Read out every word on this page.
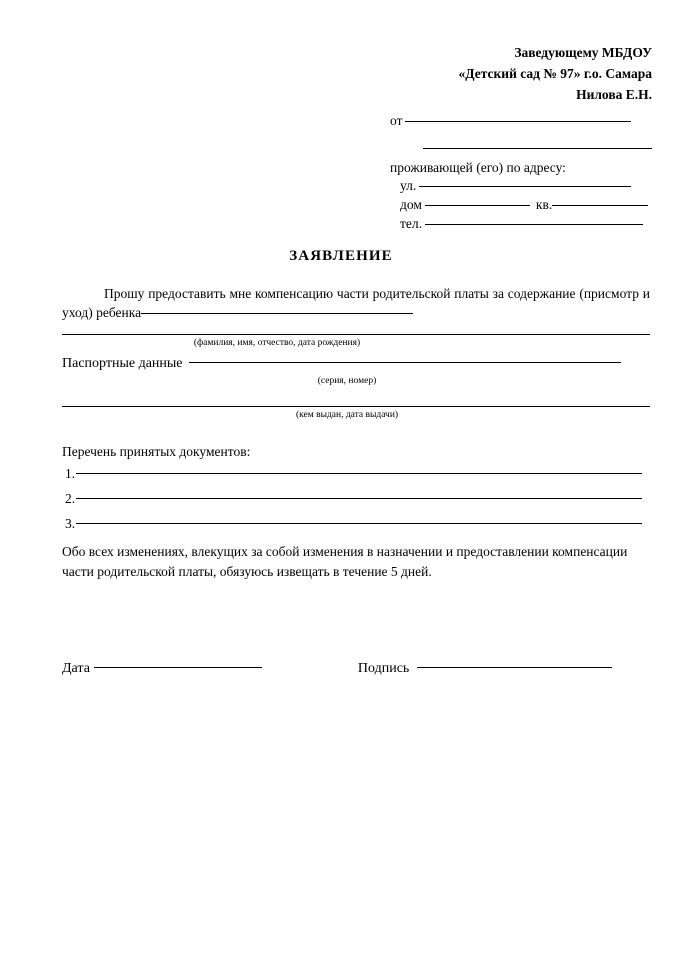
Заведующему МБДОУ
«Детский сад № 97» г.о. Самара
Нилова Е.Н.
от
проживающей (его) по адресу:
ул.
дом	кв.
тел.
ЗАЯВЛЕНИЕ

Прошу предоставить мне компенсацию части родительской платы за содержание (присмотр и уход) ребенка

(фамилия, имя, отчество, дата рождения)
Паспортные данные
(серия, номер)
(кем выдан, дата выдачи)
Перечень принятых документов:
1.
2.
3.

Обо всех изменениях, влекущих за собой изменения в назначении и предоставлении компенсации части родительской платы, обязуюсь извещать в течение 5 дней.

Дата	Подпись
